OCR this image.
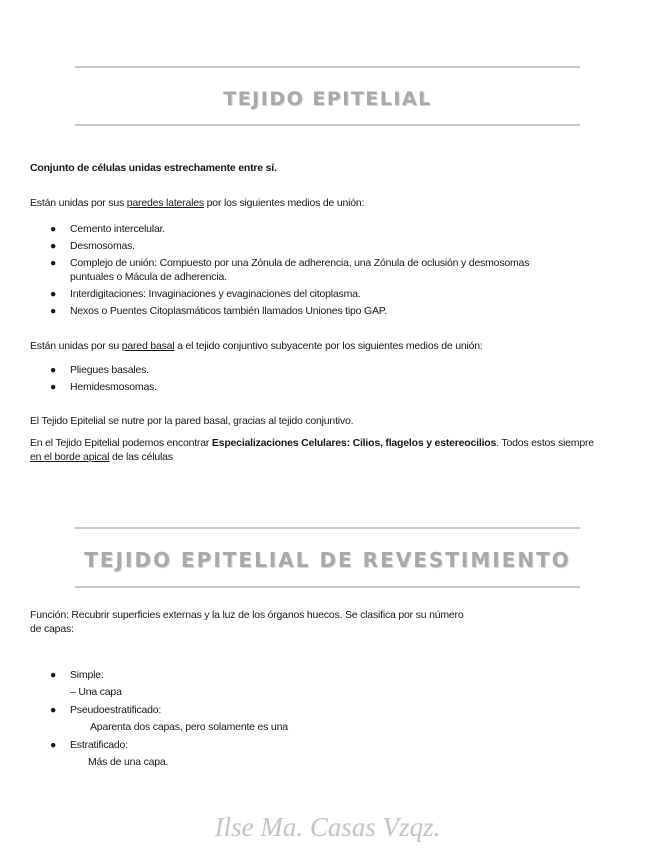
TEJIDO EPITELIAL
Conjunto de células unidas estrechamente entre sí.
Están unidas por sus paredes laterales por los siguientes medios de unión:
● Cemento intercelular.
● Desmosomas.
● Complejo de unión: Compuesto por una Zónula de adherencia, una Zónula de oclusión y desmosomas puntuales o Mácula de adherencia.
● Interdigitaciones: Invaginaciones y evaginaciones del citoplasma.
● Nexos o Puentes Citoplasmáticos también llamados Uniones tipo GAP.
Están unidas por su pared basal a el tejido conjuntivo subyacente por los siguientes medios de unión:
● Pliegues basales.
● Hemidesmosomas.
El Tejido Epitelial se nutre por la pared basal, gracias al tejido conjuntivo.
En el Tejido Epitelial podemos encontrar Especializaciones Celulares: Cilios, flagelos y estereocilios. Todos estos siempre en el borde apical de las células
TEJIDO EPITELIAL DE REVESTIMIENTO
Función: Recubrir superficies externas y la luz de los órganos huecos. Se clasifica por su número
de capas:
● Simple:
– Una capa
● Pseudoestratificado:
Aparenta dos capas, pero solamente es una
● Estratificado:
Más de una capa.
Ilse Ma. Casas Vzqz.
